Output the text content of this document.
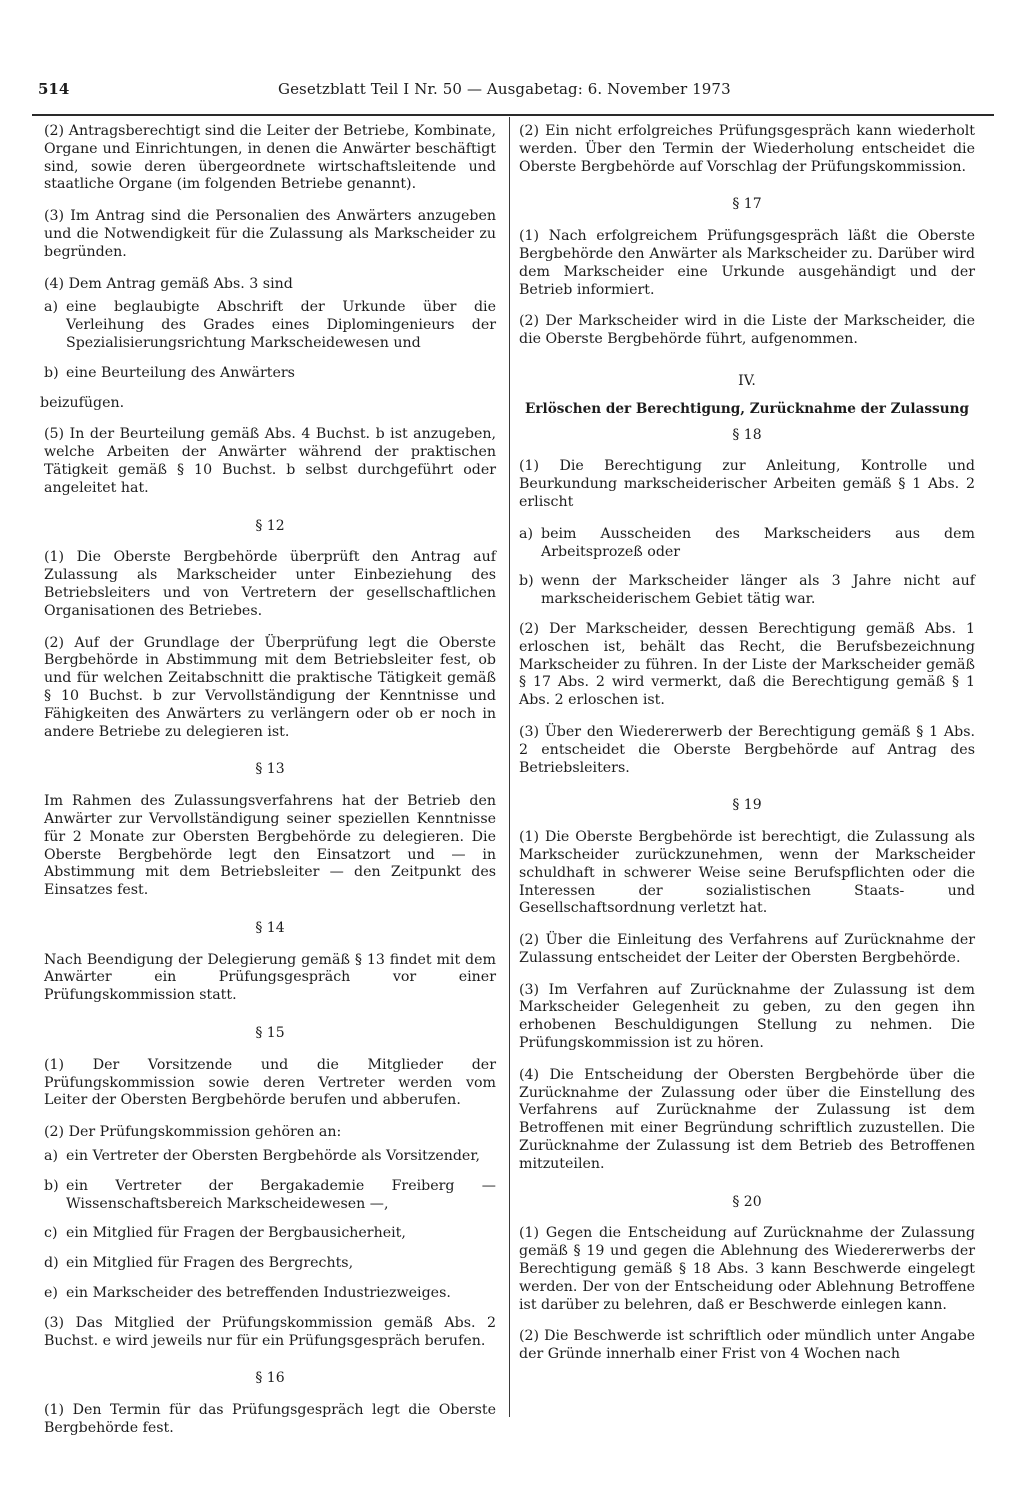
514	Gesetzblatt Teil I Nr. 50 — Ausgabetag: 6. November 1973

(2) Antragsberechtigt sind die Leiter der Betriebe, Kombinate, Organe und Einrichtungen, in denen die Anwärter beschäftigt sind, sowie deren übergeordnete wirtschaftsleitende und staatliche Organe (im folgenden Betriebe genannt).

(3) Im Antrag sind die Personalien des Anwärters anzugeben und die Notwendigkeit für die Zulassung als Markscheider zu begründen.

(4) Dem Antrag gemäß Abs. 3 sind

a) eine beglaubigte Abschrift der Urkunde über die Verleihung des Grades eines Diplomingenieurs der Spezialisierungsrichtung Markscheidewesen und
b) eine Beurteilung des Anwärters

beizufügen.

(5) In der Beurteilung gemäß Abs. 4 Buchst. b ist anzugeben, welche Arbeiten der Anwärter während der praktischen Tätigkeit gemäß § 10 Buchst. b selbst durchgeführt oder angeleitet hat.

§ 12

(1) Die Oberste Bergbehörde überprüft den Antrag auf Zulassung als Markscheider unter Einbeziehung des Betriebsleiters und von Vertretern der gesellschaftlichen Organisationen des Betriebes.

(2) Auf der Grundlage der Überprüfung legt die Oberste Bergbehörde in Abstimmung mit dem Betriebsleiter fest, ob und für welchen Zeitabschnitt die praktische Tätigkeit gemäß § 10 Buchst. b zur Vervollständigung der Kenntnisse und Fähigkeiten des Anwärters zu verlängern oder ob er noch in andere Betriebe zu delegieren ist.

§ 13

Im Rahmen des Zulassungsverfahrens hat der Betrieb den Anwärter zur Vervollständigung seiner speziellen Kenntnisse für 2 Monate zur Obersten Bergbehörde zu delegieren. Die Oberste Bergbehörde legt den Einsatzort und — in Abstimmung mit dem Betriebsleiter — den Zeitpunkt des Einsatzes fest.

§ 14

Nach Beendigung der Delegierung gemäß § 13 findet mit dem Anwärter ein Prüfungsgespräch vor einer Prüfungskommission statt.

§ 15

(1) Der Vorsitzende und die Mitglieder der Prüfungskommission sowie deren Vertreter werden vom Leiter der Obersten Bergbehörde berufen und abberufen.

(2) Der Prüfungskommission gehören an:

a) ein Vertreter der Obersten Bergbehörde als Vorsitzender,
b) ein Vertreter der Bergakademie Freiberg — Wissenschaftsbereich Markscheidewesen —,
c) ein Mitglied für Fragen der Bergbausicherheit,
d) ein Mitglied für Fragen des Bergrechts,
e) ein Markscheider des betreffenden Industriezweiges.

(3) Das Mitglied der Prüfungskommission gemäß Abs. 2 Buchst. e wird jeweils nur für ein Prüfungsgespräch berufen.

§ 16

(1) Den Termin für das Prüfungsgespräch legt die Oberste Bergbehörde fest.

(2) Ein nicht erfolgreiches Prüfungsgespräch kann wiederholt werden. Über den Termin der Wiederholung entscheidet die Oberste Bergbehörde auf Vorschlag der Prüfungskommission.

§ 17

(1) Nach erfolgreichem Prüfungsgespräch läßt die Oberste Bergbehörde den Anwärter als Markscheider zu. Darüber wird dem Markscheider eine Urkunde ausgehändigt und der Betrieb informiert.

(2) Der Markscheider wird in die Liste der Markscheider, die die Oberste Bergbehörde führt, aufgenommen.

IV.
Erlöschen der Berechtigung, Zurücknahme der Zulassung
§ 18

(1) Die Berechtigung zur Anleitung, Kontrolle und Beurkundung markscheiderischer Arbeiten gemäß § 1 Abs. 2 erlischt

a) beim Ausscheiden des Markscheiders aus dem Arbeitsprozeß oder
b) wenn der Markscheider länger als 3 Jahre nicht auf markscheiderischem Gebiet tätig war.

(2) Der Markscheider, dessen Berechtigung gemäß Abs. 1 erloschen ist, behält das Recht, die Berufsbezeichnung Markscheider zu führen. In der Liste der Markscheider gemäß § 17 Abs. 2 wird vermerkt, daß die Berechtigung gemäß § 1 Abs. 2 erloschen ist.

(3) Über den Wiedererwerb der Berechtigung gemäß § 1 Abs. 2 entscheidet die Oberste Bergbehörde auf Antrag des Betriebsleiters.

§ 19

(1) Die Oberste Bergbehörde ist berechtigt, die Zulassung als Markscheider zurückzunehmen, wenn der Markscheider schuldhaft in schwerer Weise seine Berufspflichten oder die Interessen der sozialistischen Staats- und Gesellschaftsordnung verletzt hat.

(2) Über die Einleitung des Verfahrens auf Zurücknahme der Zulassung entscheidet der Leiter der Obersten Bergbehörde.

(3) Im Verfahren auf Zurücknahme der Zulassung ist dem Markscheider Gelegenheit zu geben, zu den gegen ihn erhobenen Beschuldigungen Stellung zu nehmen. Die Prüfungskommission ist zu hören.

(4) Die Entscheidung der Obersten Bergbehörde über die Zurücknahme der Zulassung oder über die Einstellung des Verfahrens auf Zurücknahme der Zulassung ist dem Betroffenen mit einer Begründung schriftlich zuzustellen. Die Zurücknahme der Zulassung ist dem Betrieb des Betroffenen mitzuteilen.

§ 20

(1) Gegen die Entscheidung auf Zurücknahme der Zulassung gemäß § 19 und gegen die Ablehnung des Wiedererwerbs der Berechtigung gemäß § 18 Abs. 3 kann Beschwerde eingelegt werden. Der von der Entscheidung oder Ablehnung Betroffene ist darüber zu belehren, daß er Beschwerde einlegen kann.

(2) Die Beschwerde ist schriftlich oder mündlich unter Angabe der Gründe innerhalb einer Frist von 4 Wochen nach
